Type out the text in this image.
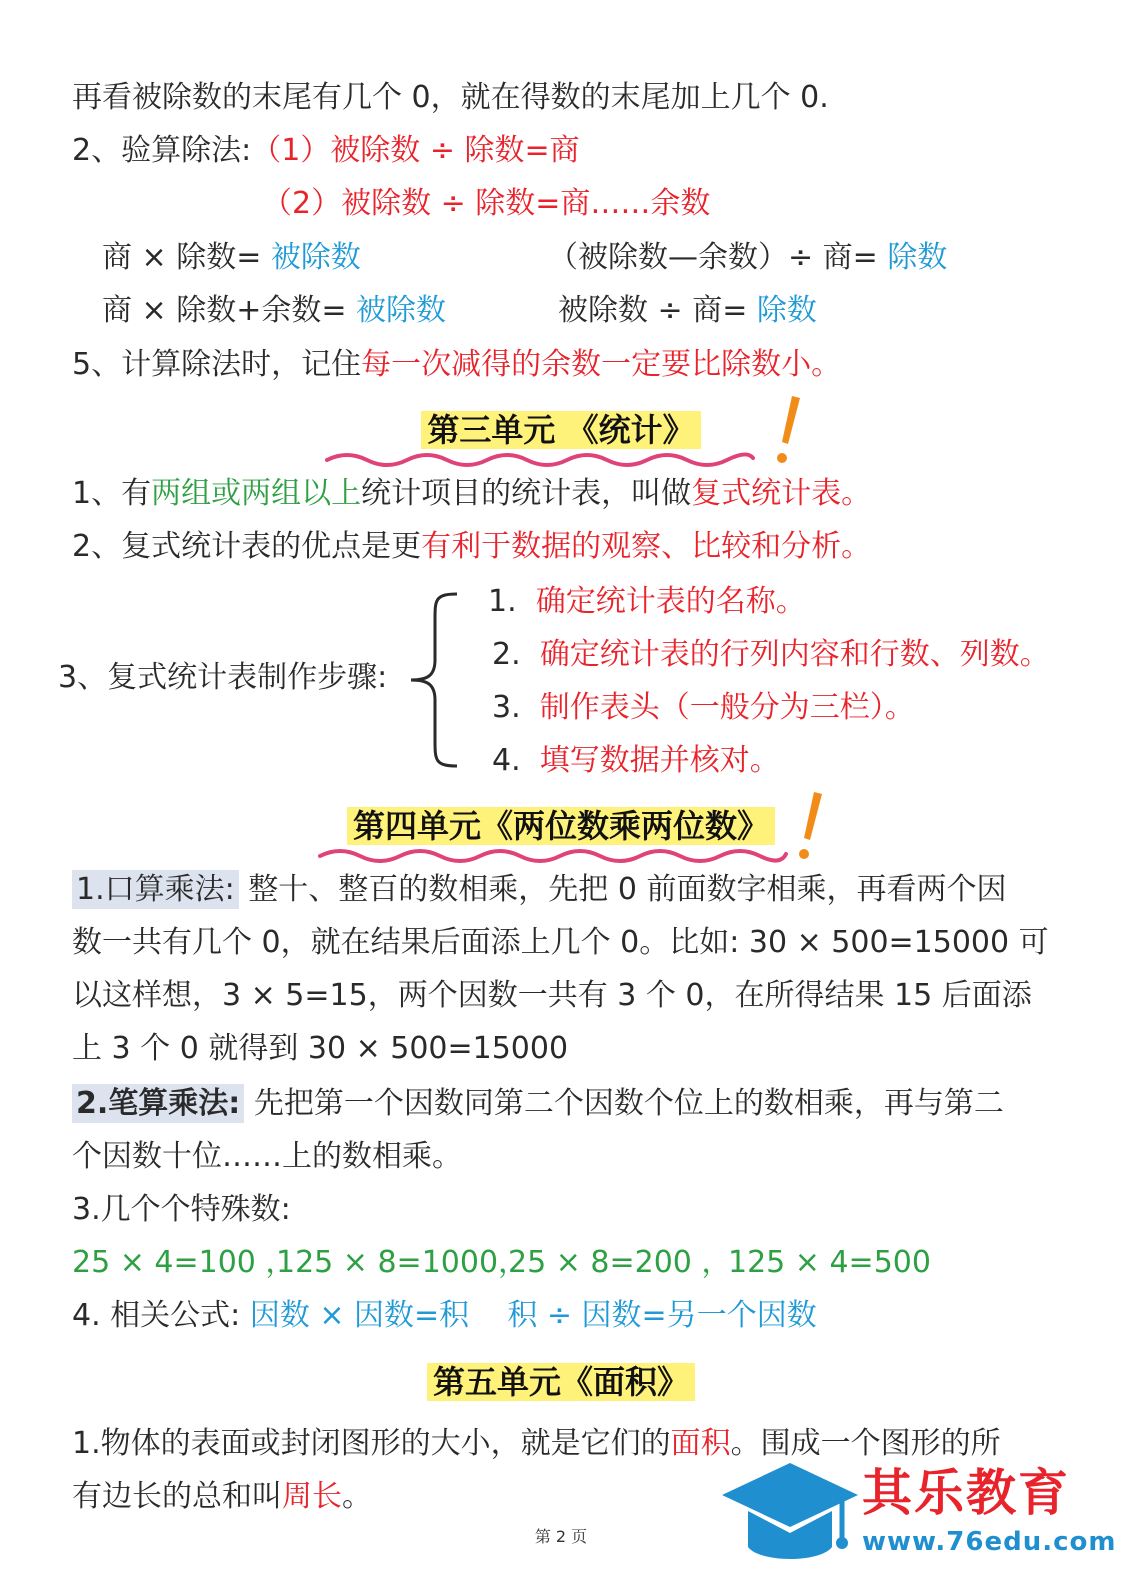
再看被除数的末尾有几个 0，就在得数的末尾加上几个 0.
2、验算除法:（1）被除数 ÷ 除数=商
（2）被除数 ÷ 除数=商……余数
商 × 除数= 被除数	（被除数—余数）÷ 商= 除数
商 × 除数+余数= 被除数	被除数 ÷ 商= 除数
5、计算除法时，记住每一次减得的余数一定要比除数小。
第三单元 《统计》
1、有两组或两组以上统计项目的统计表，叫做复式统计表。
2、复式统计表的优点是更有利于数据的观察、比较和分析。
3、复式统计表制作步骤:
1. 确定统计表的名称。
2. 确定统计表的行列内容和行数、列数。
3. 制作表头（一般分为三栏）。
4. 填写数据并核对。
第四单元《两位数乘两位数》
1.口算乘法: 整十、整百的数相乘，先把 0 前面数字相乘，再看两个因
数一共有几个 0，就在结果后面添上几个 0。比如: 30 × 500=15000 可
以这样想，3 × 5=15，两个因数一共有 3 个 0，在所得结果 15 后面添
上 3 个 0 就得到 30 × 500=15000
2.笔算乘法: 先把第一个因数同第二个因数个位上的数相乘，再与第二
个因数十位……上的数相乘。
3.几个个特殊数:
25 × 4=100 ，
125 × 8=1000，
25 × 8=200 ，
125 × 4=500
4. 相关公式: 因数 × 因数=积 积 ÷ 因数=另一个因数
第五单元《面积》
1.物体的表面或封闭图形的大小，就是它们的面积。围成一个图形的所
有边长的总和叫周长。
第 2 页
其乐教育
www.76edu.com
